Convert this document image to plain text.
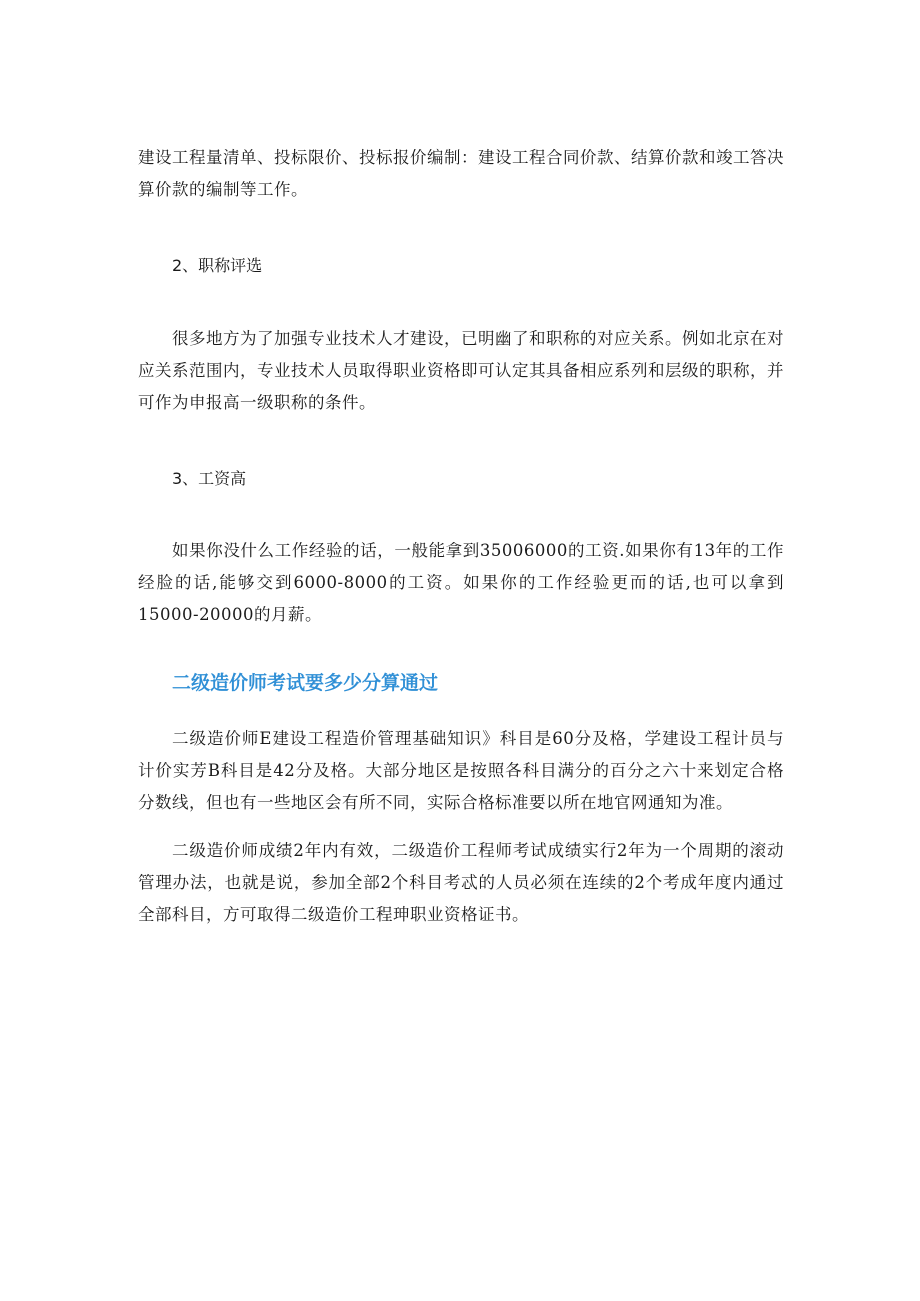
建设工程量清单、投标限价、投标报价编制：建设工程合同价款、结算价款和竣工答决算价款的编制等工作。

2、职称评选

很多地方为了加强专业技术人才建设，已明幽了和职称的对应关系。例如北京在对应关系范围内，专业技术人员取得职业资格即可认定其具备相应系列和层级的职称，并可作为申报高一级职称的条件。

3、工资高

如果你没什么工作经验的话，一般能拿到35006000的工资.如果你有13年的工作经脸的话,能够交到6000-8000的工资。如果你的工作经验更而的话,也可以拿到15000-20000的月薪。

二级造价师考试要多少分算通过

二级造价师E建设工程造价管理基础知识》科目是60分及格，学建设工程计员与计价实芳B科目是42分及格。大部分地区是按照各科目满分的百分之六十来划定合格分数线，但也有一些地区会有所不同，实际合格标准要以所在地官网通知为准。

二级造价师成绩2年内有效，二级造价工程师考试成绩实行2年为一个周期的滚动管理办法，也就是说，参加全部2个科目考忒的人员必须在连续的2个考成年度内通过全部科目，方可取得二级造价工程珅职业资格证书。
